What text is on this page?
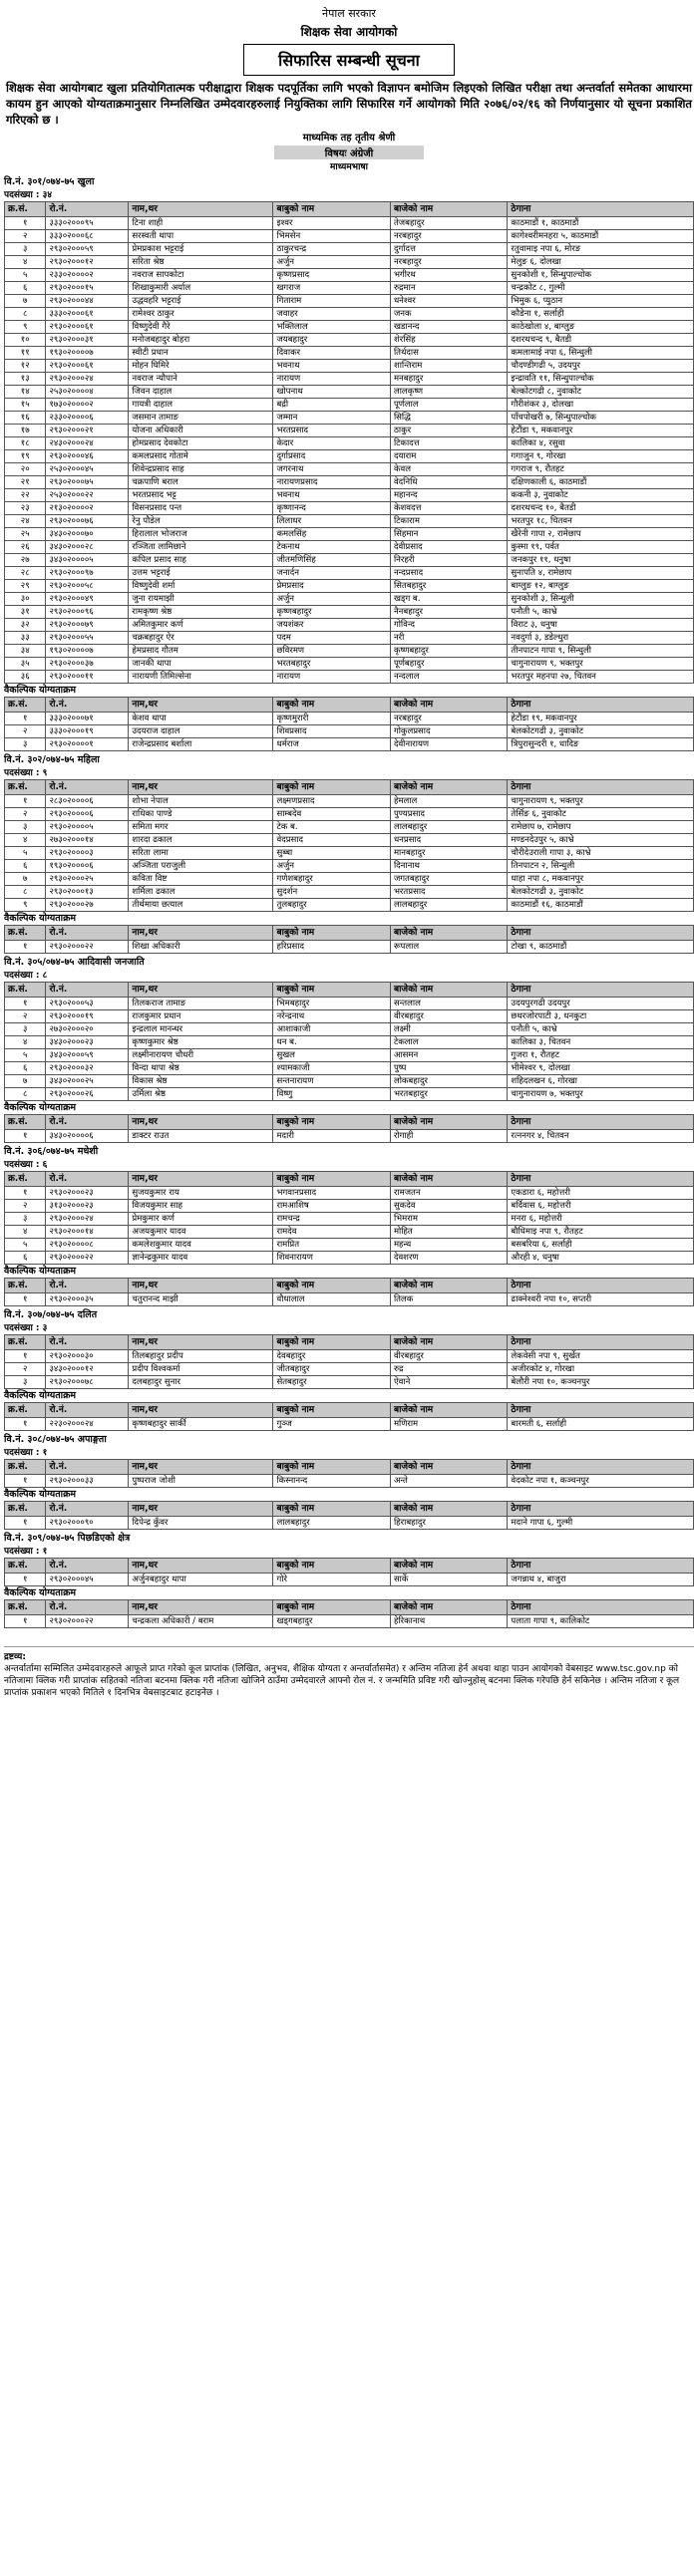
नेपाल सरकार
शिक्षक सेवा आयोगको
सिफारिस सम्बन्धी सूचना
शिक्षक सेवा आयोगबाट खुला प्रतियोगितात्मक परीक्षाद्वारा शिक्षक पदपूर्तिका लागि भएको विज्ञापन बमोजिम लिइएको लिखित परीक्षा तथा अन्तर्वार्ता समेतका आधारमा कायम हुन आएको योग्यताक्रमानुसार निम्नलिखित उम्मेदवारहरुलाई नियुक्तिका लागि सिफारिस गर्ने आयोगको मिति २०७६/०२/१६ को निर्णयानुसार यो सूचना प्रकाशित गरिएको छ ।
माध्यमिक तह तृतीय श्रेणी
विषयः अंग्रेजी
माध्यमभाषा
वि.नं. ३०१/०७४-७५ खुला
पदसंख्या : ३४
क्र.सं.	रो.नं.	नाम,थर	बाबुको नाम	बाजेको नाम	ठेगाना
१	३३३०२०००९५	टिना शाही	इश्वर	तेजबहादुर	काठमाडौं १, काठमाडौं
२	३३३०२०००६८	सरस्वती थापा	भिमसेन	नरबहादुर	कागेश्वरीमनहरा ५, काठमाडौं
३	२९३०२०००५९	प्रेमप्रकाश भट्टराई	ठाकुरचन्द्र	दुर्गादत्त	रतुवामाइ नपा ६, मोरङ
४	२९३०२०००१२	सरिता श्रेष्ठ	अर्जुन	नरबहादुर	मेलुङ ६, दोलखा
५	२३३०२००००२	नवराज सापकोटा	कृष्णप्रसाद	भगीरथ	सुनकोशी १, सिन्धुपाल्चोक
६	२९३०२०००१५	शिखाकुमारी अर्याल	खगराज	रुद्रमान	चन्द्रकोट ८, गुल्मी
७	२९३०२०००४४	उद्धवहरि भट्टराई	गिताराम	धनेश्वर	भिमुक ६, प्युठान
८	३३३०२०००६१	रामेश्वर ठाकुर	जवाहर	जनक	कौडेना १, सर्लाही
९	२९३०२०००६१	विष्णुदेवी गैरे	भक्तिलाल	खडानन्द	काठेखोला ४, बाग्लुङ
१०	२९३०२०००३१	मनोजबहादुर बोहरा	जयबहादुर	शेरसिंह	दशरथचन्द ९, बैतडी
११	१९३०२००००७	स्वीटी प्रधान	दिवाकर	तिर्थदास	कमलामाई नपा ६, सिन्धुली
१२	२९३०२०००६१	मोहन घिमिरे	भवनाथ	शान्तिराम	चौदण्डीगढी ५, उदयपुर
१३	२९३०२०००२४	नवराज न्यौपाने	नारायण	मनबहादुर	इन्द्रावति ११, सिन्धुपाल्चोक
१४	२५३०२००००४	जिवन दाहाल	खोपनाथ	लालकृष्ण	बेल्कोटगढी ८, नुवाकोट
१५	१७३०२००००२	गायत्री दाहाल	बद्री	पूर्णलाल	गौरीशंकर ३, दोलखा
१६	२३३०२००००६	जसमान तामाङ	जम्मान	सिद्धि	पाँचपोखरी ७, सिन्धुपाल्चोक
१७	२९३०२०००२१	योजना अधिकारी	भरतप्रसाद	ठाकुर	हेटौंडा ९, मकवानपुर
१८	२४३०२०००२४	होमप्रसाद देवकोटा	केदार	टिकादत्त	कालिका ४, रसुवा
१९	२९३०२०००४६	कमलप्रसाद गोतामे	दुर्गाप्रसाद	दयाराम	गगाजुन ९, गोरखा
२०	२५३०२०००४५	शिवेन्द्रप्रसाद साह	जगरनाथ	केवल	गगराज ९, रौतहट
२१	२९३०२०००७५	चक्रपाणि बराल	नारायणप्रसाद	वेदनिधि	दक्षिणकाली ६, काठमाडौं
२२	२५३०२०००२२	भरतप्रसाद भट्ट	भवनाथ	महानन्द	ककनी ३, नुवाकोट
२३	२१३०२००००२	विसनप्रसाद पन्त	कृष्णानन्द	केशवदत्त	दशरथचन्द १०, बैतडी
२४	२९३०२०००७६	रेनु पौडेल	लिलाधर	टिकाराम	भरतपुर १८, चितवन
२५	३४३०२०००७०	हिरालाल भोजराज	कमलसिंह	सिंहमान	खैरेनी गापा २, रामेछाप
२६	३४३०२०००२८	रञ्जिता लामिछाने	टेकनाथ	देवीप्रसाद	कुस्मा १९, पर्वत
२७	३४३०२००००५	कपिल प्रसाद साह	जीतमणिसिंह	निरहरी	जनकपुर ११, धनुषा
२८	२९३०२०००९७	उत्तम भट्टराई	जनार्दन	नन्दप्रसाद	सुनापति ४, रामेछाप
२९	२९३०२०००५८	विष्णुदेवी शर्मा	प्रेमप्रसाद	सितबहादुर	बाग्लुङ १२, बाग्लुङ
३०	२९३०२०००४९	जुना रायमाझी	अर्जुन	खड्ग ब.	सुनकोशी ३, सिन्धुली
३१	२९३०२०००९६	रामकृष्ण श्रेष्ठ	कृष्णबहादुर	नैनबहादुर	पनौती ५, काभ्रे
३२	२९३०२०००७९	अमितकुमार कर्ण	जयशंकर	गोविन्द	विराट ३, धनुषा
३३	२९३०२०००५५	चक्रबहादुर ऐर	पदम	नरी	नवदुर्गा ३, डडेल्धुरा
३४	१९३०२००००७	हेमप्रसाद गौतम	छविरमण	कृष्णबहादुर	तीनपाटन गापा ९, सिन्धुली
३५	२९३०२०००३७	जानकी थापा	भरतबहादुर	पूर्णबहादुर	चागुनारायण ९, भक्तपुर
३६	२९३०२०००११	नारायणी तिमिल्सेना	नारायण	नन्दलाल	भरतपुर महनपा २७, चितवन
वैकल्पिक योग्यताक्रम
क्र.सं.	रो.नं.	नाम,थर	बाबुको नाम	बाजेको नाम	ठेगाना
१	३३३०२०००७१	केशव थापा	कृष्णमुरारी	नरबहादुर	हेटौंडा १९, मकवानपुर
२	३३३०२०००१९	उदयराज दाहाल	शिवप्रसाद	गोकुलप्रसाद	बेलकोटगढी ३, नुवाकोट
३	२९३०२००००१	राजेन्द्रप्रसाद बर्शाला	धर्मराज	देवीनारायण	त्रिपुरासुन्दरी १, धादिङ
वि.नं. ३०२/०७४-७५ महिला
पदसंख्या : ९
क्र.सं.	रो.नं.	नाम,थर	बाबुको नाम	बाजेको नाम	ठेगाना
१	२८३०२००००६	शोभा नेपाल	लक्ष्मणप्रसाद	हेमलाल	चागुनारायण ९, भक्तपुर
२	२९३०२००००६	राधिका पाण्डे	साम्बदेव	पुण्यप्रसाद	तेर्सिङ ६, नुवाकोट
३	२९३०२००००५	समिता मगर	टेक ब.	लालबहादुर	रामेछाप ७, रामेछाप
४	२७३०२०००१४	शारदा ढकाल	वेदप्रसाद	धनप्रसाद	मण्डनदेउपुर ५, काभ्रे
५	२९३०२००००३	सरिता लामा	सुब्बा	मानबहादुर	चौरीदेउराली गापा ३, काभ्रे
६	१९३०२००००६	अञ्जिता पराजुली	अर्जुन	दिनानाथ	तिनपाटन २, सिन्धुली
७	२९३०२०००२५	कविता विष्ट	गणेशबहादुर	जगतबहादुर	धाहा नपा ८, मकवानपुर
८	२९३०२०००१३	शर्मिला ढकाल	सुदर्शन	भरतप्रसाद	बेलकोटगढी ३, नुवाकोट
९	२९३०२०००२७	तीर्थमाया छत्याल	तुलबहादुर	लालबहादुर	काठमाडौं १६, काठमाडौं
वैकल्पिक योग्यताक्रम
क्र.सं.	रो.नं.	नाम,थर	बाबुको नाम	बाजेको नाम	ठेगाना
१	२९३०२०००२२	शिखा अधिकारी	हरिप्रसाद	रूपलाल	टोखा ९, काठमाडौं
वि.नं. ३०५/०७४-७५ आदिवासी जनजाति
पदसंख्या : ८
क्र.सं.	रो.नं.	नाम,थर	बाबुको नाम	बाजेको नाम	ठेगाना
१	२९३०२०००५३	तिलकराज तामाङ	भिमबहादुर	सन्तलाल	उदयपुरगढी उदयपुर
२	२९३०२०००१९	राजकुमार प्रधान	नरेन्द्रनाथ	वीरबहादुर	छथरजोरपाटी ३, धनकुटा
३	२७३०२०००२०	इन्द्रलाल मानन्धर	आशाकाजी	लक्ष्मी	पनौती ५, काभ्रे
४	३४३०२०००२३	कृष्णकुमार श्रेष्ठ	धन ब.	टेकलाल	कालिका ३, चितवन
५	३४३०२०००५९	लक्ष्मीनारायण चौधरी	सुखल	आसमन	गुजरा १, रौतहट
६	२९३०२०००३२	विन्दा थापा श्रेष्ठ	श्यामकाजी	पुष्प	भीमेश्वर ९, दोलखा
७	३४३०२०००२५	विकास श्रेष्ठ	सन्तनारायण	लोकबहादुर	शहिदलखन ६, गोरखा
८	२९३०२०००२६	उर्मिला श्रेष्ठ	विष्णु	भरतबहादुर	चागुनारायण ७, भक्तपुर
वैकल्पिक योग्यताक्रम
क्र.सं.	रो.नं.	नाम,थर	बाबुको नाम	बाजेको नाम	ठेगाना
१	३४३०२००००६	डाक्टर राउत	मदारी	रोगाही	रत्ननगर ४, चितवन
वि.नं. ३०६/०७४-७५ मधेशी
पदसंख्या : ६
क्र.सं.	रो.नं.	नाम,थर	बाबुको नाम	बाजेको नाम	ठेगाना
१	२९३०२०००२३	सुजयकुमार राय	भगवानप्रसाद	रामजतन	एकडारा ६, महोत्तरी
२	३१३०२०००२३	विजयकुमार साह	रामआशिष	सुकदेव	बर्दिवास ६, महोत्तरी
३	२९३०२०००२४	प्रेमकुमार कर्ण	रामचन्द्र	भिमराम	मनरा ६, महोत्तरी
४	२९३०२०००१४	अजयकुमार यादव	रामदेव	मोहित	बौधिमाइ नपा ९, रौतहट
५	२९३०२००००८	कमलेशकुमार यादव	रामप्रित	महन्थ	बसबरिया ६, सर्लाही
६	२९३०२०००२२	ज्ञानेन्द्रकुमार यादव	शिवनारायण	देवशरण	औरही ४, धनुषा
वैकल्पिक योग्यताक्रम
क्र.सं.	रो.नं.	नाम,थर	बाबुको नाम	बाजेको नाम	ठेगाना
१	२९३०२०००३५	चतुरानन्द माझी	वौधालाल	तिलक	ढाक्नेश्वरी नपा १०, सप्तरी
वि.नं. ३०७/०७४-७५ दलित
पदसंख्या : ३
क्र.सं.	रो.नं.	नाम,थर	बाबुको नाम	बाजेको नाम	ठेगाना
१	२९३०२०००३०	तिलबहादुर प्रदीप	देवबहादुर	वीरबहादुर	लेकवेसी नपा ९, सुर्खेत
२	३४३०२०००१२	प्रदीप विश्वकर्मा	जीतबहादुर	रुद्र	अजीरकोट ४, गोरखा
३	२९३०२०००७८	दलबहादुर सुनार	सेतबहादुर	ऐवाने	बेलौरी नपा १०, कञ्चनपुर
वैकल्पिक योग्यताक्रम
क्र.सं.	रो.नं.	नाम,थर	बाबुको नाम	बाजेको नाम	ठेगाना
१	२२३०२०००२४	कृष्णबहादुर सार्की	गुञ्ज	मणिराम	बारमती ६, सर्लाही
वि.नं. ३०८/०७४-७५ अपाङ्गता
पदसंख्या : १
क्र.सं.	रो.नं.	नाम,थर	बाबुको नाम	बाजेको नाम	ठेगाना
१	२९३०२०००३३	पुष्पराज जोशी	किस्नानन्द	अन्ते	वेदकोट नपा १, कञ्चनपुर
वैकल्पिक योग्यताक्रम
क्र.सं.	रो.नं.	नाम,थर	बाबुको नाम	बाजेको नाम	ठेगाना
१	२९३०२०००९०	दिपेन्द्र कुँवर	लालबहादुर	हिराबहादुर	मदाने गापा ६, गुल्मी
वि.नं. ३०९/०७४-७५ पिछडिएको क्षेत्र
पदसंख्या : १
क्र.सं.	रो.नं.	नाम,थर	बाबुको नाम	बाजेको नाम	ठेगाना
१	२९३०२०००४५	अर्जुनबहादुर थापा	गोरे	सार्के	जगन्नाथ ४, बाजुरा
वैकल्पिक योग्यताक्रम
क्र.सं.	रो.नं.	नाम,थर	बाबुको नाम	बाजेको नाम	ठेगाना
१	२९३०२०००२२	चन्द्रकला अधिकारी / बराम	खड्गबहादुर	हेरिकानाथ	पलाता गापा ९, कालिकोट
द्रष्टव्य:
अन्तर्वार्तामा सम्मिलित उम्मेदवारहरुले आफूले प्राप्त गरेको कूल प्राप्तांक (लिखित, अनुभव, शैक्षिक योग्यता र अन्तर्वार्तासमेत) र अन्तिम नतिजा हेर्न अथवा थाहा पाउन आयोगको वेबसाइट www.tsc.gov.np को नतिजामा क्लिक गरी प्राप्तांक सहितको नतिजा बटनमा क्लिक गरी नतिजा खोजिने ठाउँमा उम्मेदवारले आफ्नो रोल नं. र जन्ममिति प्रविष्ट गरी खोज्नुहोस् बटनमा क्लिक गरेपछि हेर्न सकिनेछ । अन्तिम नतिजा र कूल प्राप्तांक प्रकाशन भएको मितिले १ दिनभित्र वेबसाइटबाट हटाइनेछ ।
